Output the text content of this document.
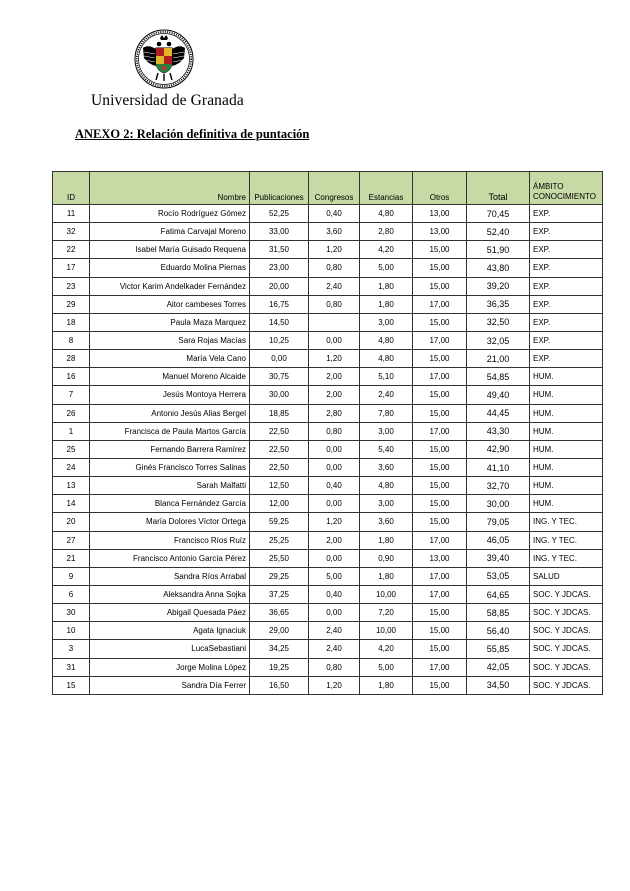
Universidad de Granada
ANEXO 2: Relación definitiva de puntación
ID	Nombre	Publicaciones	Congresos	Estancias	Otros	Total	ÁMBITO
CONOCIMIENTO
11	Rocío Rodríguez Gómez	52,25	0,40	4,80	13,00	70,45	EXP.
32	Fatima Carvajal Moreno	33,00	3,60	2,80	13,00	52,40	EXP.
22	Isabel María Guisado Requena	31,50	1,20	4,20	15,00	51,90	EXP.
17	Eduardo Molina Piernas	23,00	0,80	5,00	15,00	43,80	EXP.
23	Victor Karim Andelkader Fernández	20,00	2,40	1,80	15,00	39,20	EXP.
29	Aitor cambeses Torres	16,75	0,80	1,80	17,00	36,35	EXP.
18	Paula Maza Marquez	14,50		3,00	15,00	32,50	EXP.
8	Sara Rojas Macías	10,25	0,00	4,80	17,00	32,05	EXP.
28	María Vela Cano	0,00	1,20	4,80	15,00	21,00	EXP.
16	Manuel Moreno Alcaide	30,75	2,00	5,10	17,00	54,85	HUM.
7	Jesús Montoya Herrera	30,00	2,00	2,40	15,00	49,40	HUM.
26	Antonio Jesús Alias Bergel	18,85	2,80	7,80	15,00	44,45	HUM.
1	Francisca de Paula Martos García	22,50	0,80	3,00	17,00	43,30	HUM.
25	Fernando Barrera Ramírez	22,50	0,00	5,40	15,00	42,90	HUM.
24	Ginés Francisco Torres Salinas	22,50	0,00	3,60	15,00	41,10	HUM.
13	Sarah Malfatti	12,50	0,40	4,80	15,00	32,70	HUM.
14	Blanca Fernández García	12,00	0,00	3,00	15,00	30,00	HUM.
20	María Dolores Víctor Ortega	59,25	1,20	3,60	15,00	79,05	ING. Y TEC.
27	Francisco Ríos Ruíz	25,25	2,00	1,80	17,00	46,05	ING. Y TEC.
21	Francisco Antonio García Pérez	25,50	0,00	0,90	13,00	39,40	ING. Y TEC.
9	Sandra Ríos Arrabal	29,25	5,00	1,80	17,00	53,05	SALUD
6	Aleksandra Anna Sojka	37,25	0,40	10,00	17,00	64,65	SOC. Y JDCAS.
30	Abigail Quesada Páez	36,65	0,00	7,20	15,00	58,85	SOC. Y JDCAS.
10	Agata Ignaciuk	29,00	2,40	10,00	15,00	56,40	SOC. Y JDCAS.
3	LucaSebastiani	34,25	2,40	4,20	15,00	55,85	SOC. Y JDCAS.
31	Jorge Molina López	19,25	0,80	5,00	17,00	42,05	SOC. Y JDCAS.
15	Sandra Día Ferrer	16,50	1,20	1,80	15,00	34,50	SOC. Y JDCAS.
